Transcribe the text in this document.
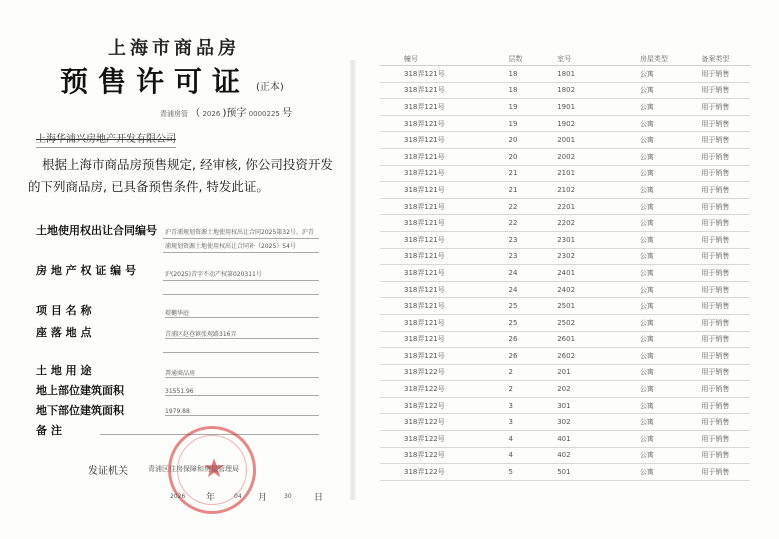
上海市商品房
预售许可证 (正本)
青浦房管 （ 2026 )预字 0000225 号
上海华浦兴房地产开发有限公司
根据上海市商品房预售规定, 经审核, 你公司投资开发的下列商品房, 已具备预售条件, 特发此证。
土地使用权出让合同编号 沪青浦规划资源土地使用权出让合同2025第32号、沪青浦规划资源土地使用权出让合同补（2025）54号
房 地 产 权 证 编 号	沪(2025)青字不动产权第020311号
项 目 名 称	璟樾华庭
座 落 地 点	青浦区赵巷镇张观路316弄
土 地 用 途	普通商品房
地上部位建筑面积	31551.96
地下部位建筑面积	1979.88
备 注
★
发证机关	青浦区住房保障和房屋管理局
2026 年	04 月	30 日
幢号	层数	室号	房屋类型	备案类型
318弄121号	18	1801	公寓	用于销售
318弄121号	18	1802	公寓	用于销售
318弄121号	19	1901	公寓	用于销售
318弄121号	19	1902	公寓	用于销售
318弄121号	20	2001	公寓	用于销售
318弄121号	20	2002	公寓	用于销售
318弄121号	21	2101	公寓	用于销售
318弄121号	21	2102	公寓	用于销售
318弄121号	22	2201	公寓	用于销售
318弄121号	22	2202	公寓	用于销售
318弄121号	23	2301	公寓	用于销售
318弄121号	23	2302	公寓	用于销售
318弄121号	24	2401	公寓	用于销售
318弄121号	24	2402	公寓	用于销售
318弄121号	25	2501	公寓	用于销售
318弄121号	25	2502	公寓	用于销售
318弄121号	26	2601	公寓	用于销售
318弄121号	26	2602	公寓	用于销售
318弄122号	2	201	公寓	用于销售
318弄122号	2	202	公寓	用于销售
318弄122号	3	301	公寓	用于销售
318弄122号	3	302	公寓	用于销售
318弄122号	4	401	公寓	用于销售
318弄122号	4	402	公寓	用于销售
318弄122号	5	501	公寓	用于销售
